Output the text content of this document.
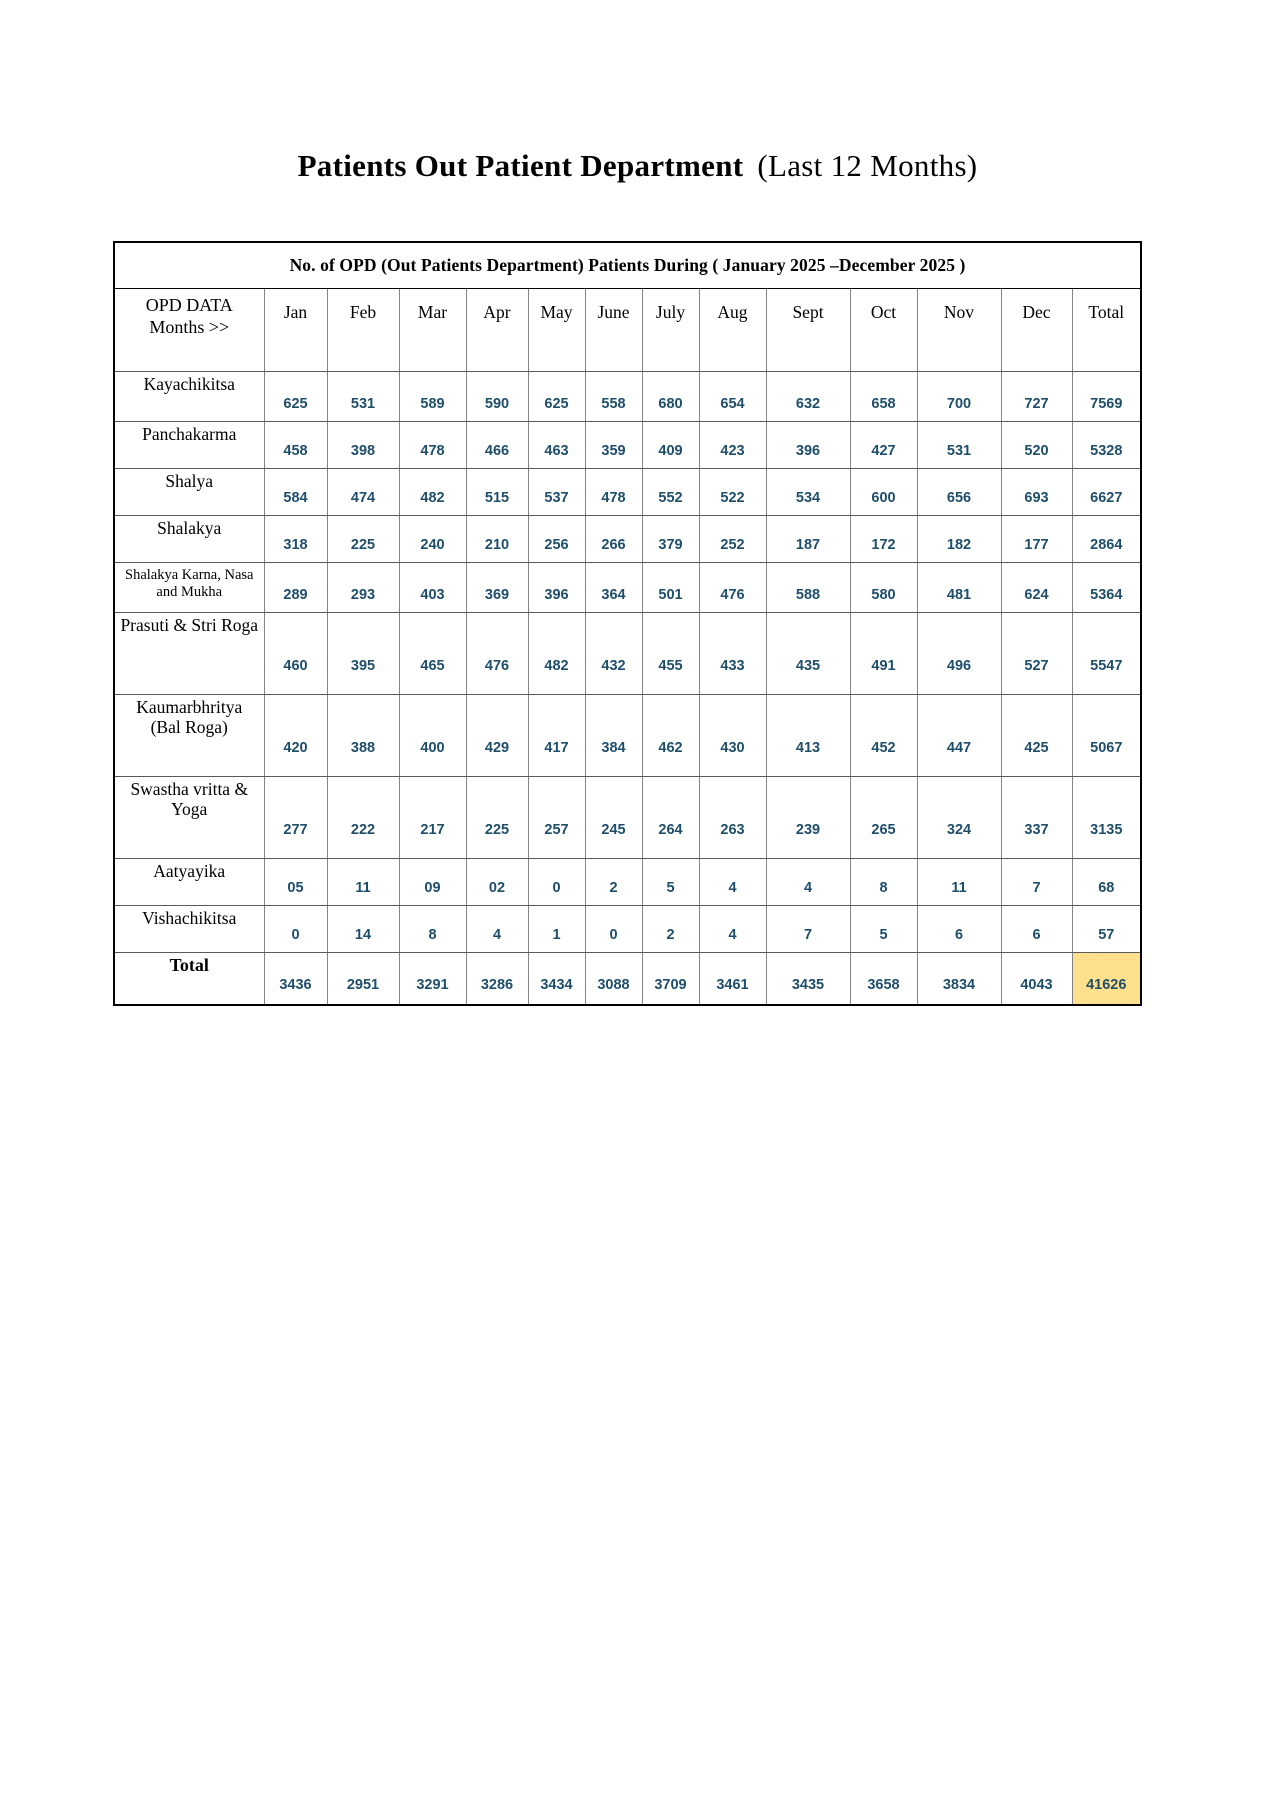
Patients Out Patient Department (Last 12 Months)
No. of OPD (Out Patients Department) Patients During ( January 2025 –December 2025 )													

OPD DATA
Months >>	Jan	Feb	Mar	Apr	May	June	July	Aug	Sept	Oct	Nov	Dec	Total
Kayachikitsa	625	531	589	590	625	558	680	654	632	658	700	727	7569
Panchakarma	458	398	478	466	463	359	409	423	396	427	531	520	5328
Shalya	584	474	482	515	537	478	552	522	534	600	656	693	6627
Shalakya	318	225	240	210	256	266	379	252	187	172	182	177	2864
Shalakya Karna, Nasa and Mukha	289	293	403	369	396	364	501	476	588	580	481	624	5364
Prasuti & Stri Roga	460	395	465	476	482	432	455	433	435	491	496	527	5547
Kaumarbhritya (Bal Roga)	420	388	400	429	417	384	462	430	413	452	447	425	5067
Swastha vritta & Yoga	277	222	217	225	257	245	264	263	239	265	324	337	3135
Aatyayika	05	11	09	02	0	2	5	4	4	8	11	7	68
Vishachikitsa	0	14	8	4	1	0	2	4	7	5	6	6	57
Total	3436	2951	3291	3286	3434	3088	3709	3461	3435	3658	3834	4043	41626
